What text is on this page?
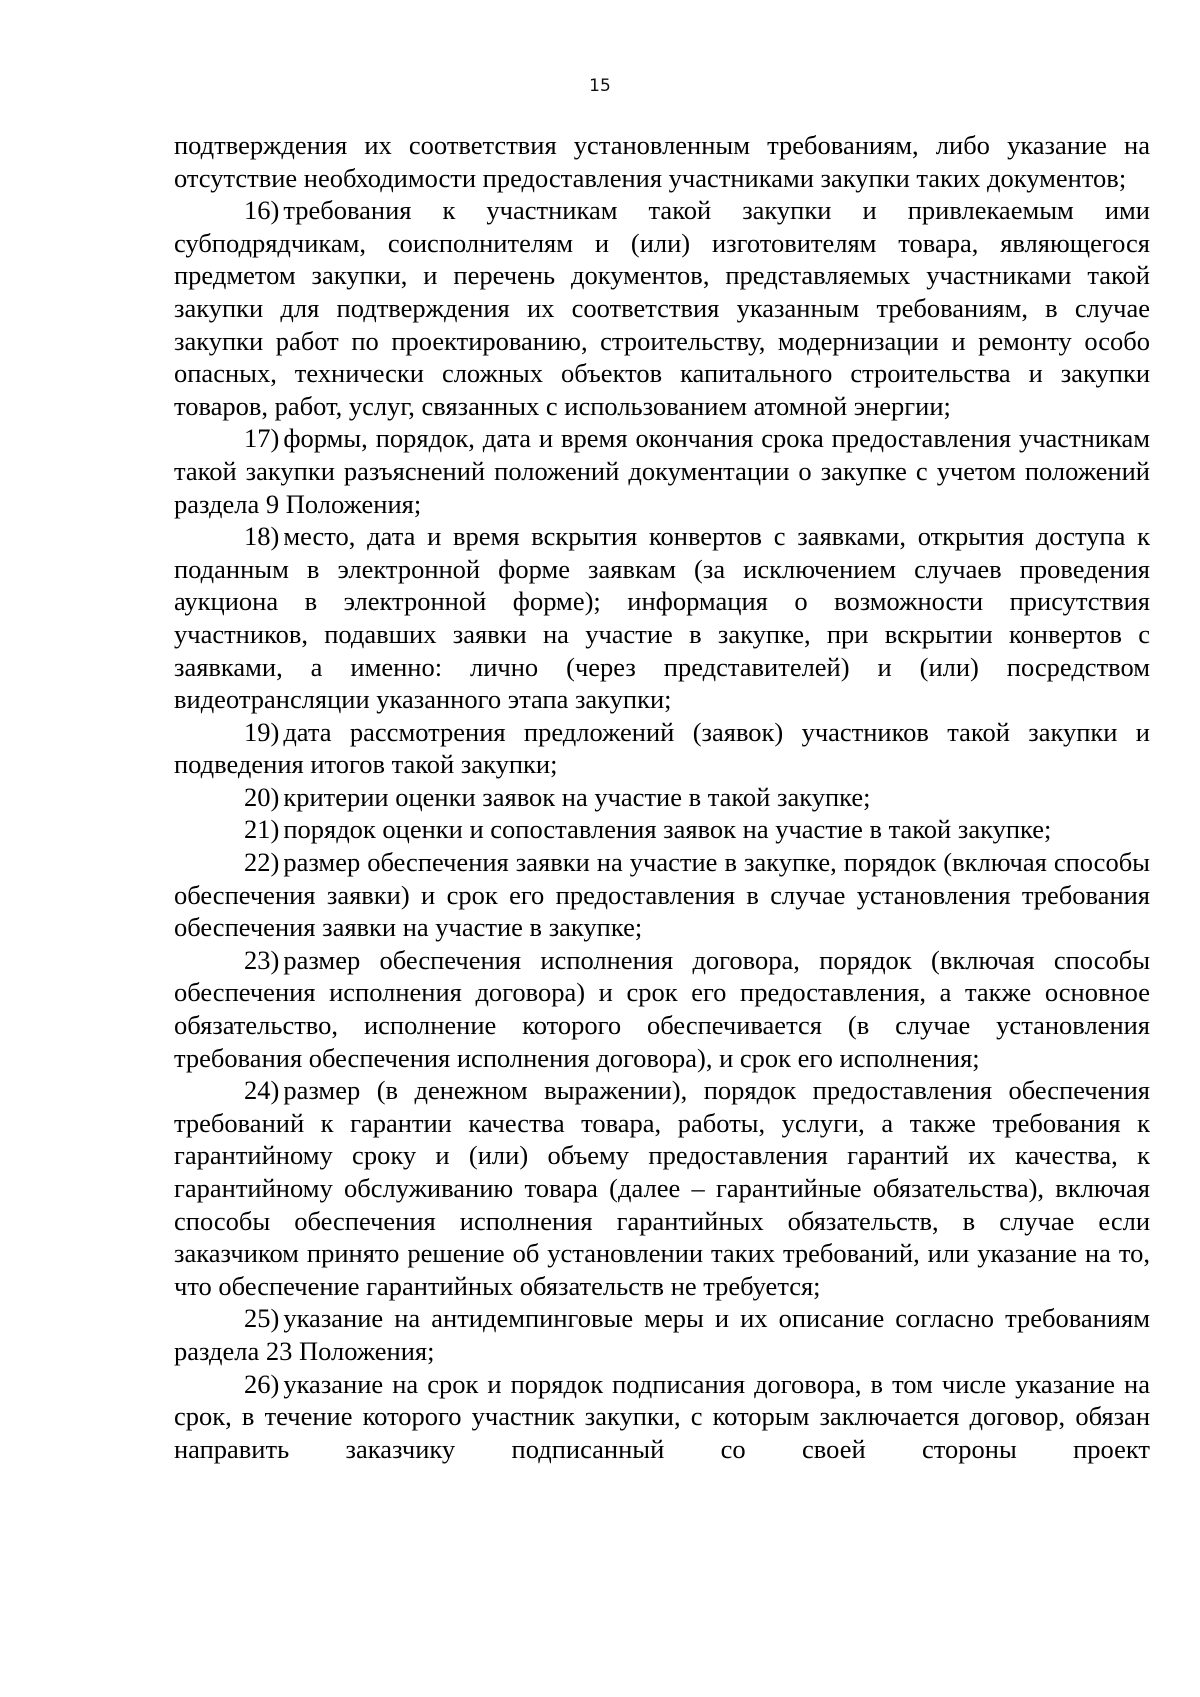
15

подтверждения их соответствия установленным требованиям, либо указание на отсутствие необходимости предоставления участниками закупки таких документов;

16) требования к участникам такой закупки и привлекаемым ими субподрядчикам, соисполнителям и (или) изготовителям товара, являющегося предметом закупки, и перечень документов, представляемых участниками такой закупки для подтверждения их соответствия указанным требованиям, в случае закупки работ по проектированию, строительству, модернизации и ремонту особо опасных, технически сложных объектов капитального строительства и закупки товаров, работ, услуг, связанных с использованием атомной энергии;

17) формы, порядок, дата и время окончания срока предоставления участникам такой закупки разъяснений положений документации о закупке с учетом положений раздела 9 Положения;

18) место, дата и время вскрытия конвертов с заявками, открытия доступа к поданным в электронной форме заявкам (за исключением случаев проведения аукциона в электронной форме); информация о возможности присутствия участников, подавших заявки на участие в закупке, при вскрытии конвертов с заявками, а именно: лично (через представителей) и (или) посредством видеотрансляции указанного этапа закупки;

19) дата рассмотрения предложений (заявок) участников такой закупки и подведения итогов такой закупки;

20) критерии оценки заявок на участие в такой закупке;

21) порядок оценки и сопоставления заявок на участие в такой закупке;

22) размер обеспечения заявки на участие в закупке, порядок (включая способы обеспечения заявки) и срок его предоставления в случае установления требования обеспечения заявки на участие в закупке;

23) размер обеспечения исполнения договора, порядок (включая способы обеспечения исполнения договора) и срок его предоставления, а также основное обязательство, исполнение которого обеспечивается (в случае установления требования обеспечения исполнения договора), и срок его исполнения;

24) размер (в денежном выражении), порядок предоставления обеспечения требований к гарантии качества товара, работы, услуги, а также требования к гарантийному сроку и (или) объему предоставления гарантий их качества, к гарантийному обслуживанию товара (далее – гарантийные обязательства), включая способы обеспечения исполнения гарантийных обязательств, в случае если заказчиком принято решение об установлении таких требований, или указание на то, что обеспечение гарантийных обязательств не требуется;

25) указание на антидемпинговые меры и их описание согласно требованиям раздела 23 Положения;

26) указание на срок и порядок подписания договора, в том числе указание на срок, в течение которого участник закупки, с которым заключается договор, обязан направить заказчику подписанный со своей стороны проект
